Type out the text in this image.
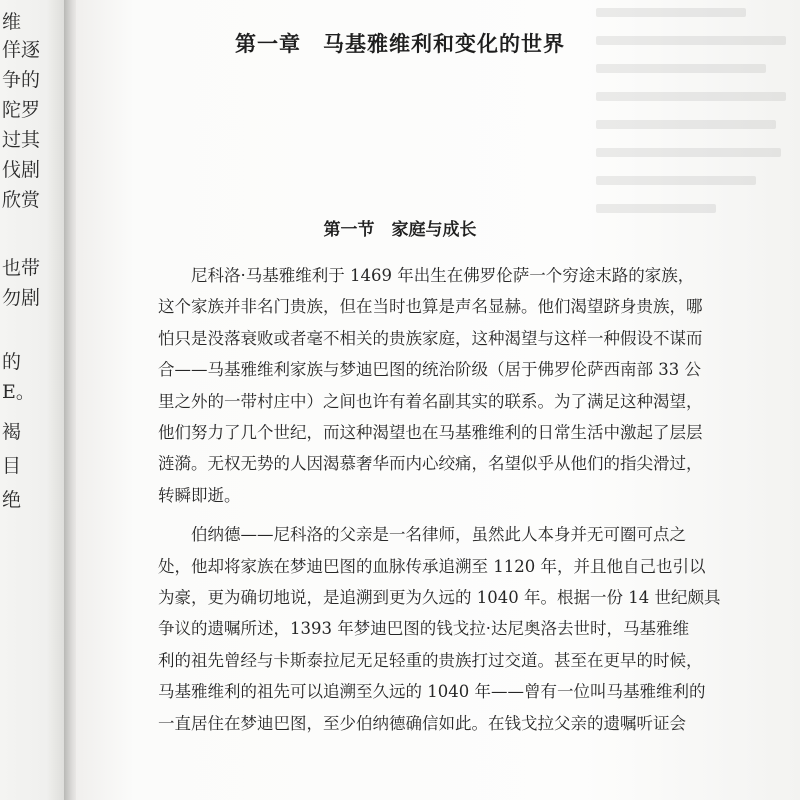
维
佯逐
争的
陀罗
过其
伐剧
欣赏
也带
勿剧
的
E。
褐
目
绝
第一章　马基雅维利和变化的世界
第一节　家庭与成长
尼科洛·马基雅维利于 1469 年出生在佛罗伦萨一个穷途末路的家族，
这个家族并非名门贵族，但在当时也算是声名显赫。他们渴望跻身贵族，哪
怕只是没落衰败或者毫不相关的贵族家庭，这种渴望与这样一种假设不谋而
合——马基雅维利家族与梦迪巴图的统治阶级（居于佛罗伦萨西南部 33 公
里之外的一带村庄中）之间也许有着名副其实的联系。为了满足这种渴望，
他们努力了几个世纪，而这种渴望也在马基雅维利的日常生活中激起了层层
涟漪。无权无势的人因渴慕奢华而内心绞痛，名望似乎从他们的指尖滑过，
转瞬即逝。
伯纳德——尼科洛的父亲是一名律师，虽然此人本身并无可圈可点之
处，他却将家族在梦迪巴图的血脉传承追溯至 1120 年，并且他自己也引以
为豪，更为确切地说，是追溯到更为久远的 1040 年。根据一份 14 世纪颇具
争议的遗嘱所述，1393 年梦迪巴图的钱戈拉·达尼奥洛去世时，马基雅维
利的祖先曾经与卡斯泰拉尼无足轻重的贵族打过交道。甚至在更早的时候，
马基雅维利的祖先可以追溯至久远的 1040 年——曾有一位叫马基雅维利的
一直居住在梦迪巴图，至少伯纳德确信如此。在钱戈拉父亲的遗嘱听证会
